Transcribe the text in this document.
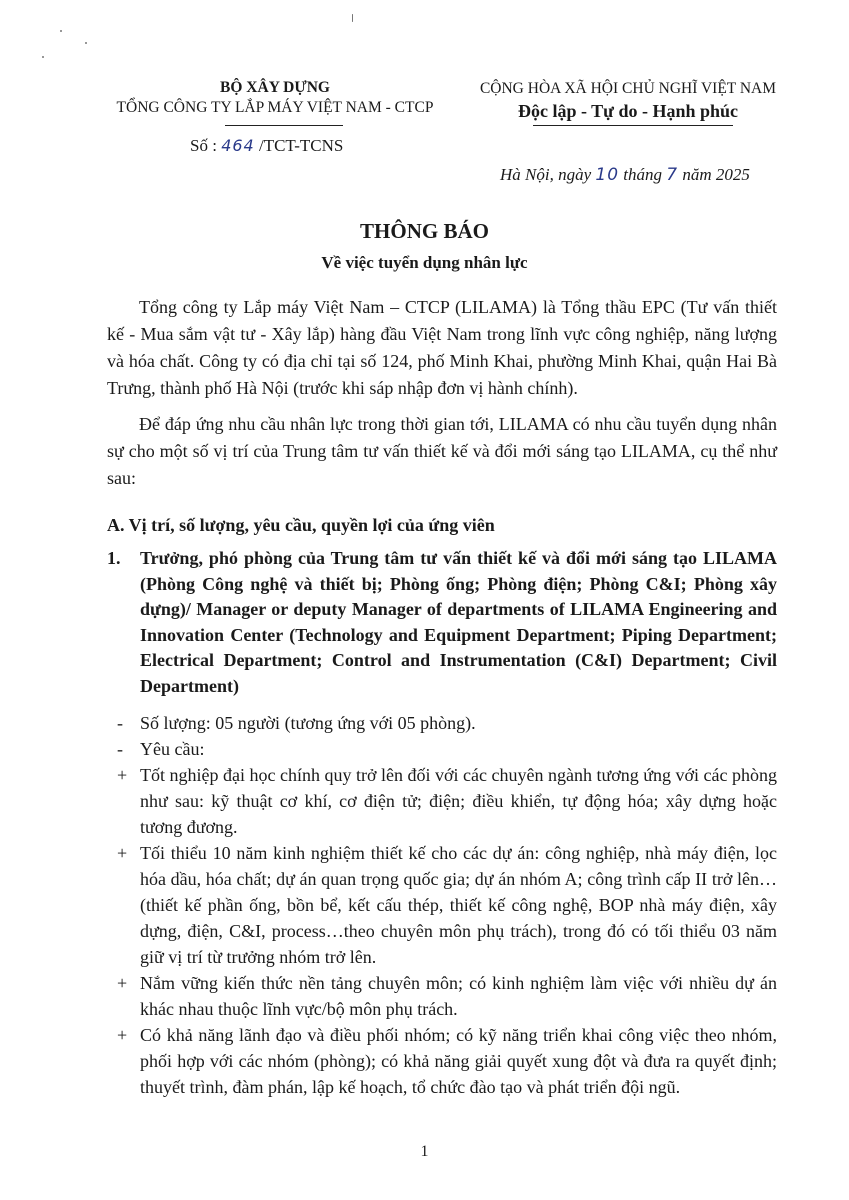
BỘ XÂY DỰNG
TỔNG CÔNG TY LẮP MÁY VIỆT NAM - CTCP
CỘNG HÒA XÃ HỘI CHỦ NGHĨ VIỆT NAM
Độc lập - Tự do - Hạnh phúc
Số : 464 /TCT-TCNS
Hà Nội, ngày 10 tháng 7 năm 2025
THÔNG BÁO
Về việc tuyển dụng nhân lực
Tổng công ty Lắp máy Việt Nam – CTCP (LILAMA) là Tổng thầu EPC (Tư vấn thiết kế - Mua sắm vật tư - Xây lắp) hàng đầu Việt Nam trong lĩnh vực công nghiệp, năng lượng và hóa chất. Công ty có địa chỉ tại số 124, phố Minh Khai, phường Minh Khai, quận Hai Bà Trưng, thành phố Hà Nội (trước khi sáp nhập đơn vị hành chính).
Để đáp ứng nhu cầu nhân lực trong thời gian tới, LILAMA có nhu cầu tuyển dụng nhân sự cho một số vị trí của Trung tâm tư vấn thiết kế và đổi mới sáng tạo LILAMA, cụ thể như sau:
A. Vị trí, số lượng, yêu cầu, quyền lợi của ứng viên
1. Trưởng, phó phòng của Trung tâm tư vấn thiết kế và đổi mới sáng tạo LILAMA (Phòng Công nghệ và thiết bị; Phòng ống; Phòng điện; Phòng C&I; Phòng xây dựng)/ Manager or deputy Manager of departments of LILAMA Engineering and Innovation Center (Technology and Equipment Department; Piping Department; Electrical Department; Control and Instrumentation (C&I) Department; Civil Department)
- Số lượng: 05 người (tương ứng với 05 phòng).
- Yêu cầu:
+ Tốt nghiệp đại học chính quy trở lên đối với các chuyên ngành tương ứng với các phòng như sau: kỹ thuật cơ khí, cơ điện tử; điện; điều khiển, tự động hóa; xây dựng hoặc tương đương.
+ Tối thiểu 10 năm kinh nghiệm thiết kế cho các dự án: công nghiệp, nhà máy điện, lọc hóa dầu, hóa chất; dự án quan trọng quốc gia; dự án nhóm A; công trình cấp II trở lên… (thiết kế phần ống, bồn bể, kết cấu thép, thiết kế công nghệ, BOP nhà máy điện, xây dựng, điện, C&I, process…theo chuyên môn phụ trách), trong đó có tối thiểu 03 năm giữ vị trí từ trưởng nhóm trở lên.
+ Nắm vững kiến thức nền tảng chuyên môn; có kinh nghiệm làm việc với nhiều dự án khác nhau thuộc lĩnh vực/bộ môn phụ trách.
+ Có khả năng lãnh đạo và điều phối nhóm; có kỹ năng triển khai công việc theo nhóm, phối hợp với các nhóm (phòng); có khả năng giải quyết xung đột và đưa ra quyết định; thuyết trình, đàm phán, lập kế hoạch, tổ chức đào tạo và phát triển đội ngũ.
1
